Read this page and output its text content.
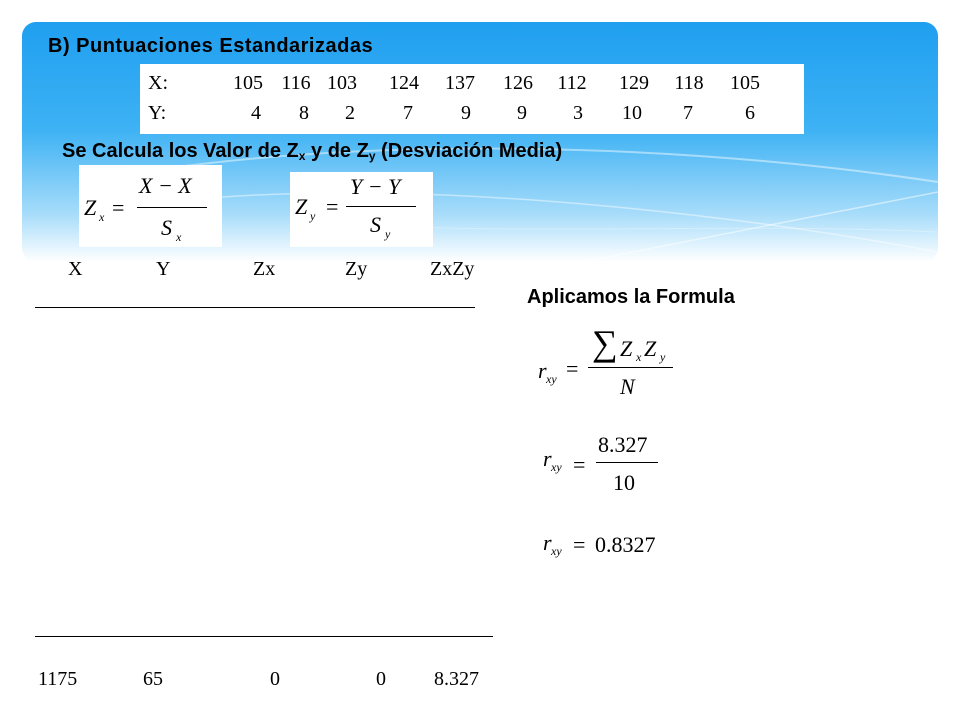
B) Puntuaciones Estandarizadas
X:	105 116 103 124 137 126 112 129 118 105
Y:	4	8	2	7	9	9	3	10	7	6
Se Calcula los Valor de $Z_x$ y de $Z_y$ (Desviación Media)
Z x =
X − X
S x
Z y =
Y − Y
S y
X	Y	Zx	Zy	ZxZy
1175	65	0	0 8.327
Aplicamos la Formula
r xy =
∑ Z x Z y
N
r xy =
8.327
10
r xy = 0.8327
